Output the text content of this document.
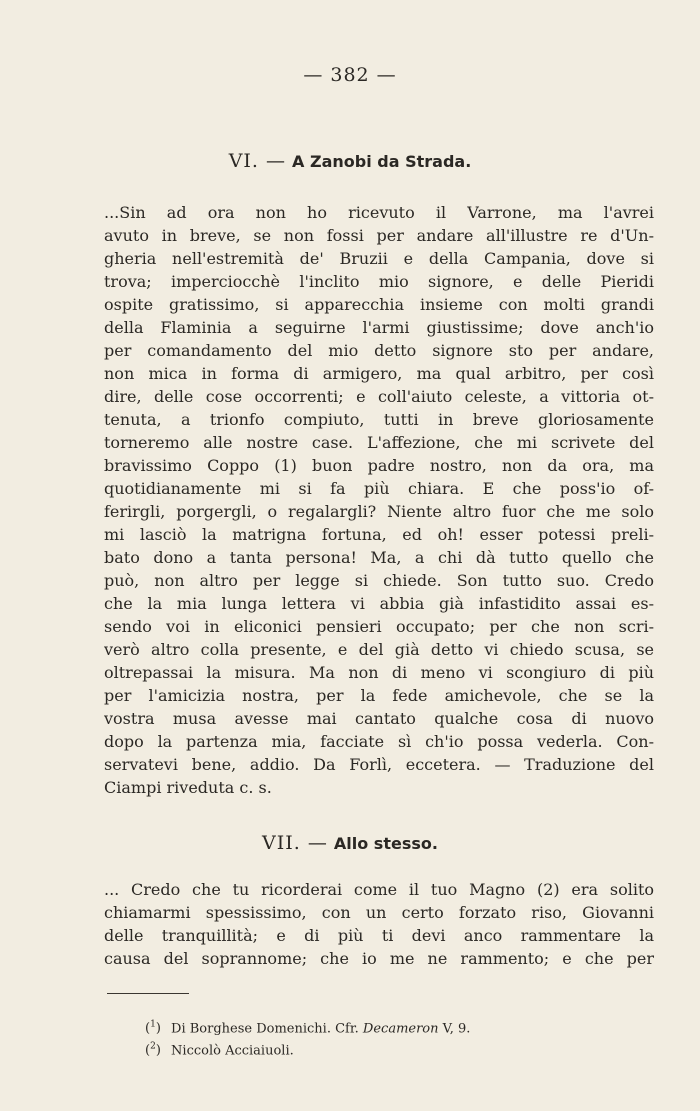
— 382 —
VI. — A Zanobi da Strada.
...Sin ad ora non ho ricevuto il Varrone, ma l'avrei
avuto in breve, se non fossi per andare all'illustre re d'Un-
gheria nell'estremità de' Bruzii e della Campania, dove si
trova; imperciocchè l'inclito mio signore, e delle Pieridi
ospite gratissimo, si apparecchia insieme con molti grandi
della Flaminia a seguirne l'armi giustissime; dove anch'io
per comandamento del mio detto signore sto per andare,
non mica in forma di armigero, ma qual arbitro, per così
dire, delle cose occorrenti; e coll'aiuto celeste, a vittoria ot-
tenuta, a trionfo compiuto, tutti in breve gloriosamente
torneremo alle nostre case. L'affezione, che mi scrivete del
bravissimo Coppo (1) buon padre nostro, non da ora, ma
quotidianamente mi si fa più chiara. E che poss'io of-
ferirgli, porgergli, o regalargli? Niente altro fuor che me solo
mi lasciò la matrigna fortuna, ed oh! esser potessi preli-
bato dono a tanta persona! Ma, a chi dà tutto quello che
può, non altro per legge si chiede. Son tutto suo. Credo
che la mia lunga lettera vi abbia già infastidito assai es-
sendo voi in eliconici pensieri occupato; per che non scri-
verò altro colla presente, e del già detto vi chiedo scusa, se
oltrepassai la misura. Ma non di meno vi scongiuro di più
per l'amicizia nostra, per la fede amichevole, che se la
vostra musa avesse mai cantato qualche cosa di nuovo
dopo la partenza mia, facciate sì ch'io possa vederla. Con-
servatevi bene, addio. Da Forlì, eccetera. — Traduzione del
Ciampi riveduta c. s.
VII. — Allo stesso.
... Credo che tu ricorderai come il tuo Magno (2) era solito
chiamarmi spessissimo, con un certo forzato riso, Giovanni
delle tranquillità; e di più ti devi anco rammentare la
causa del soprannome; che io me ne rammento; e che per
($^1$) Di Borghese Domenichi. Cfr. Decameron V, 9.
($^2$) Niccolò Acciaiuoli.
